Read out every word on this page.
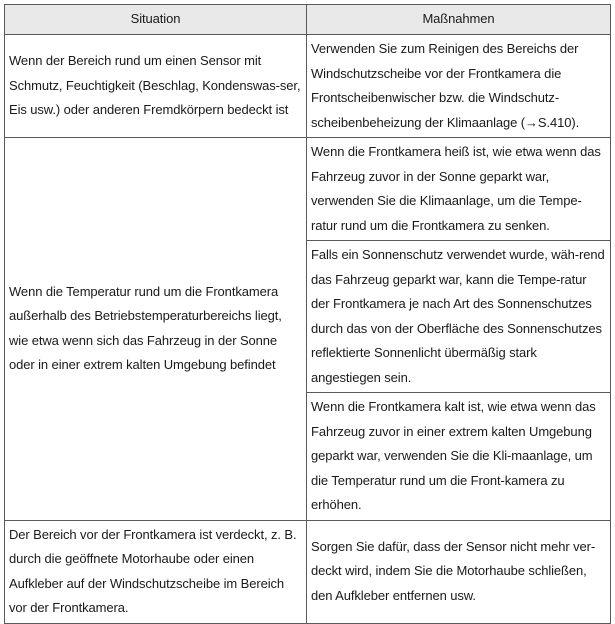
Situation	Maßnahmen

Wenn der Bereich rund um einen Sensor mit Schmutz, Feuchtigkeit (Beschlag, Kondenswas-ser, Eis usw.) oder anderen Fremdkörpern bedeckt ist	Verwenden Sie zum Reinigen des Bereichs der Windschutzscheibe vor der Frontkamera die Frontscheibenwischer bzw. die Windschutz-scheibenbeheizung der Klimaanlage (→S.410).

Wenn die Temperatur rund um die Frontkamera außerhalb des Betriebstemperaturbereichs liegt, wie etwa wenn sich das Fahrzeug in der Sonne oder in einer extrem kalten Umgebung befindet	Wenn die Frontkamera heiß ist, wie etwa wenn das Fahrzeug zuvor in der Sonne geparkt war, verwenden Sie die Klimaanlage, um die Tempe-ratur rund um die Frontkamera zu senken.

	Falls ein Sonnenschutz verwendet wurde, wäh-rend das Fahrzeug geparkt war, kann die Tempe-ratur der Frontkamera je nach Art des Sonnenschutzes durch das von der Oberfläche des Sonnenschutzes reflektierte Sonnenlicht übermäßig stark angestiegen sein.

	Wenn die Frontkamera kalt ist, wie etwa wenn das Fahrzeug zuvor in einer extrem kalten Umgebung geparkt war, verwenden Sie die Kli-maanlage, um die Temperatur rund um die Front-kamera zu erhöhen.

Der Bereich vor der Frontkamera ist verdeckt, z. B. durch die geöffnete Motorhaube oder einen Aufkleber auf der Windschutzscheibe im Bereich vor der Frontkamera.	Sorgen Sie dafür, dass der Sensor nicht mehr ver-deckt wird, indem Sie die Motorhaube schließen, den Aufkleber entfernen usw.
